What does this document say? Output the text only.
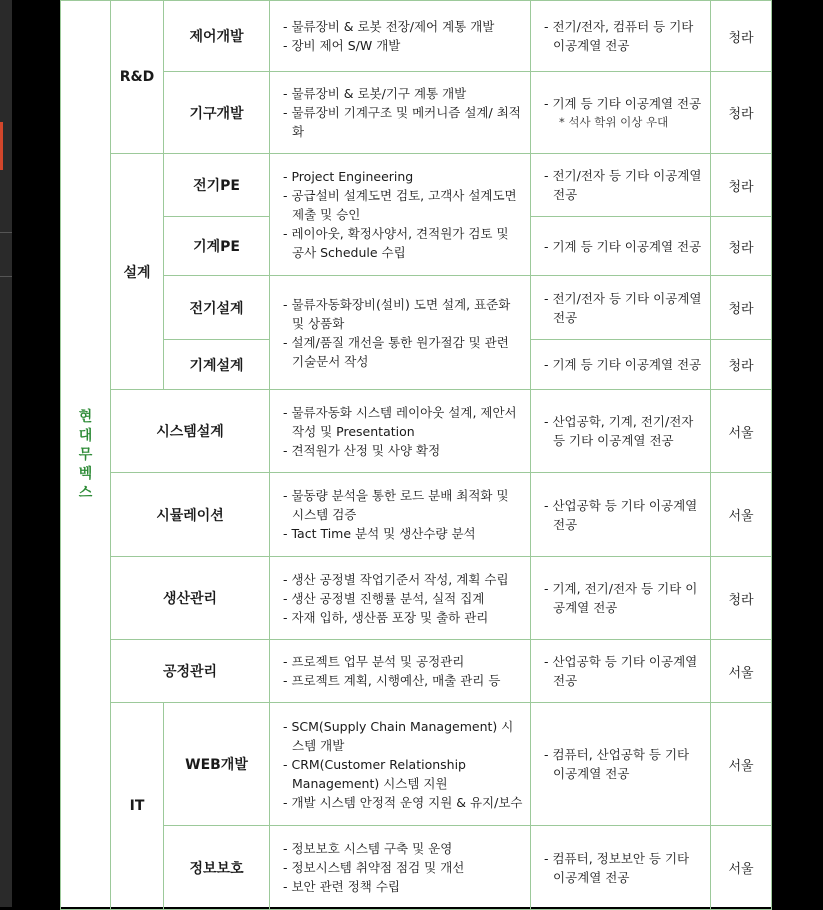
현
대
무
벡
스	R&D	제어개발	- 물류장비 & 로봇 전장/제어 계통 개발
- 장비 제어 S/W 개발	- 전기/전자, 컴퓨터 등 기타 이공계열 전공	청라
		기구개발	- 물류장비 & 로봇/기구 계통 개발
- 물류장비 기계구조 및 메커니즘 설계/ 최적화	- 기계 등 기타 이공계열 전공
* 석사 학위 이상 우대	청라
	설계	전기PE	- Project Engineering
- 공급설비 설계도면 검토, 고객사 설계도면 제출 및 승인
- 레이아웃, 확정사양서, 견적원가 검토 및 공사 Schedule 수립	- 전기/전자 등 기타 이공계열 전공	청라
		기계PE		- 기계 등 기타 이공계열 전공	청라
		전기설계	- 물류자동화장비(설비) 도면 설계, 표준화 및 상품화
- 설계/품질 개선을 통한 원가절감 및 관련 기술문서 작성	- 전기/전자 등 기타 이공계열 전공	청라
		기계설계		- 기계 등 기타 이공계열 전공	청라
	시스템설계		- 물류자동화 시스템 레이아웃 설계, 제안서 작성 및 Presentation
- 견적원가 산정 및 사양 확정	- 산업공학, 기계, 전기/전자 등 기타 이공계열 전공	서울
	시뮬레이션		- 물동량 분석을 통한 로드 분배 최적화 및 시스템 검증
- Tact Time 분석 및 생산수량 분석	- 산업공학 등 기타 이공계열 전공	서울
	생산관리		- 생산 공정별 작업기준서 작성, 계획 수립
- 생산 공정별 진행률 분석, 실적 집계
- 자재 입하, 생산품 포장 및 출하 관리	- 기계, 전기/전자 등 기타 이공계열 전공	청라
	공정관리		- 프로젝트 업무 분석 및 공정관리
- 프로젝트 계획, 시행예산, 매출 관리 등	- 산업공학 등 기타 이공계열 전공	서울
	IT	WEB개발	- SCM(Supply Chain Management) 시스템 개발
- CRM(Customer Relationship Management) 시스템 지원
- 개발 시스템 안정적 운영 지원 & 유지/보수	- 컴퓨터, 산업공학 등 기타 이공계열 전공	서울
		정보보호	- 정보보호 시스템 구축 및 운영
- 정보시스템 취약점 점검 및 개선
- 보안 관련 정책 수립	- 컴퓨터, 정보보안 등 기타 이공계열 전공	서울
